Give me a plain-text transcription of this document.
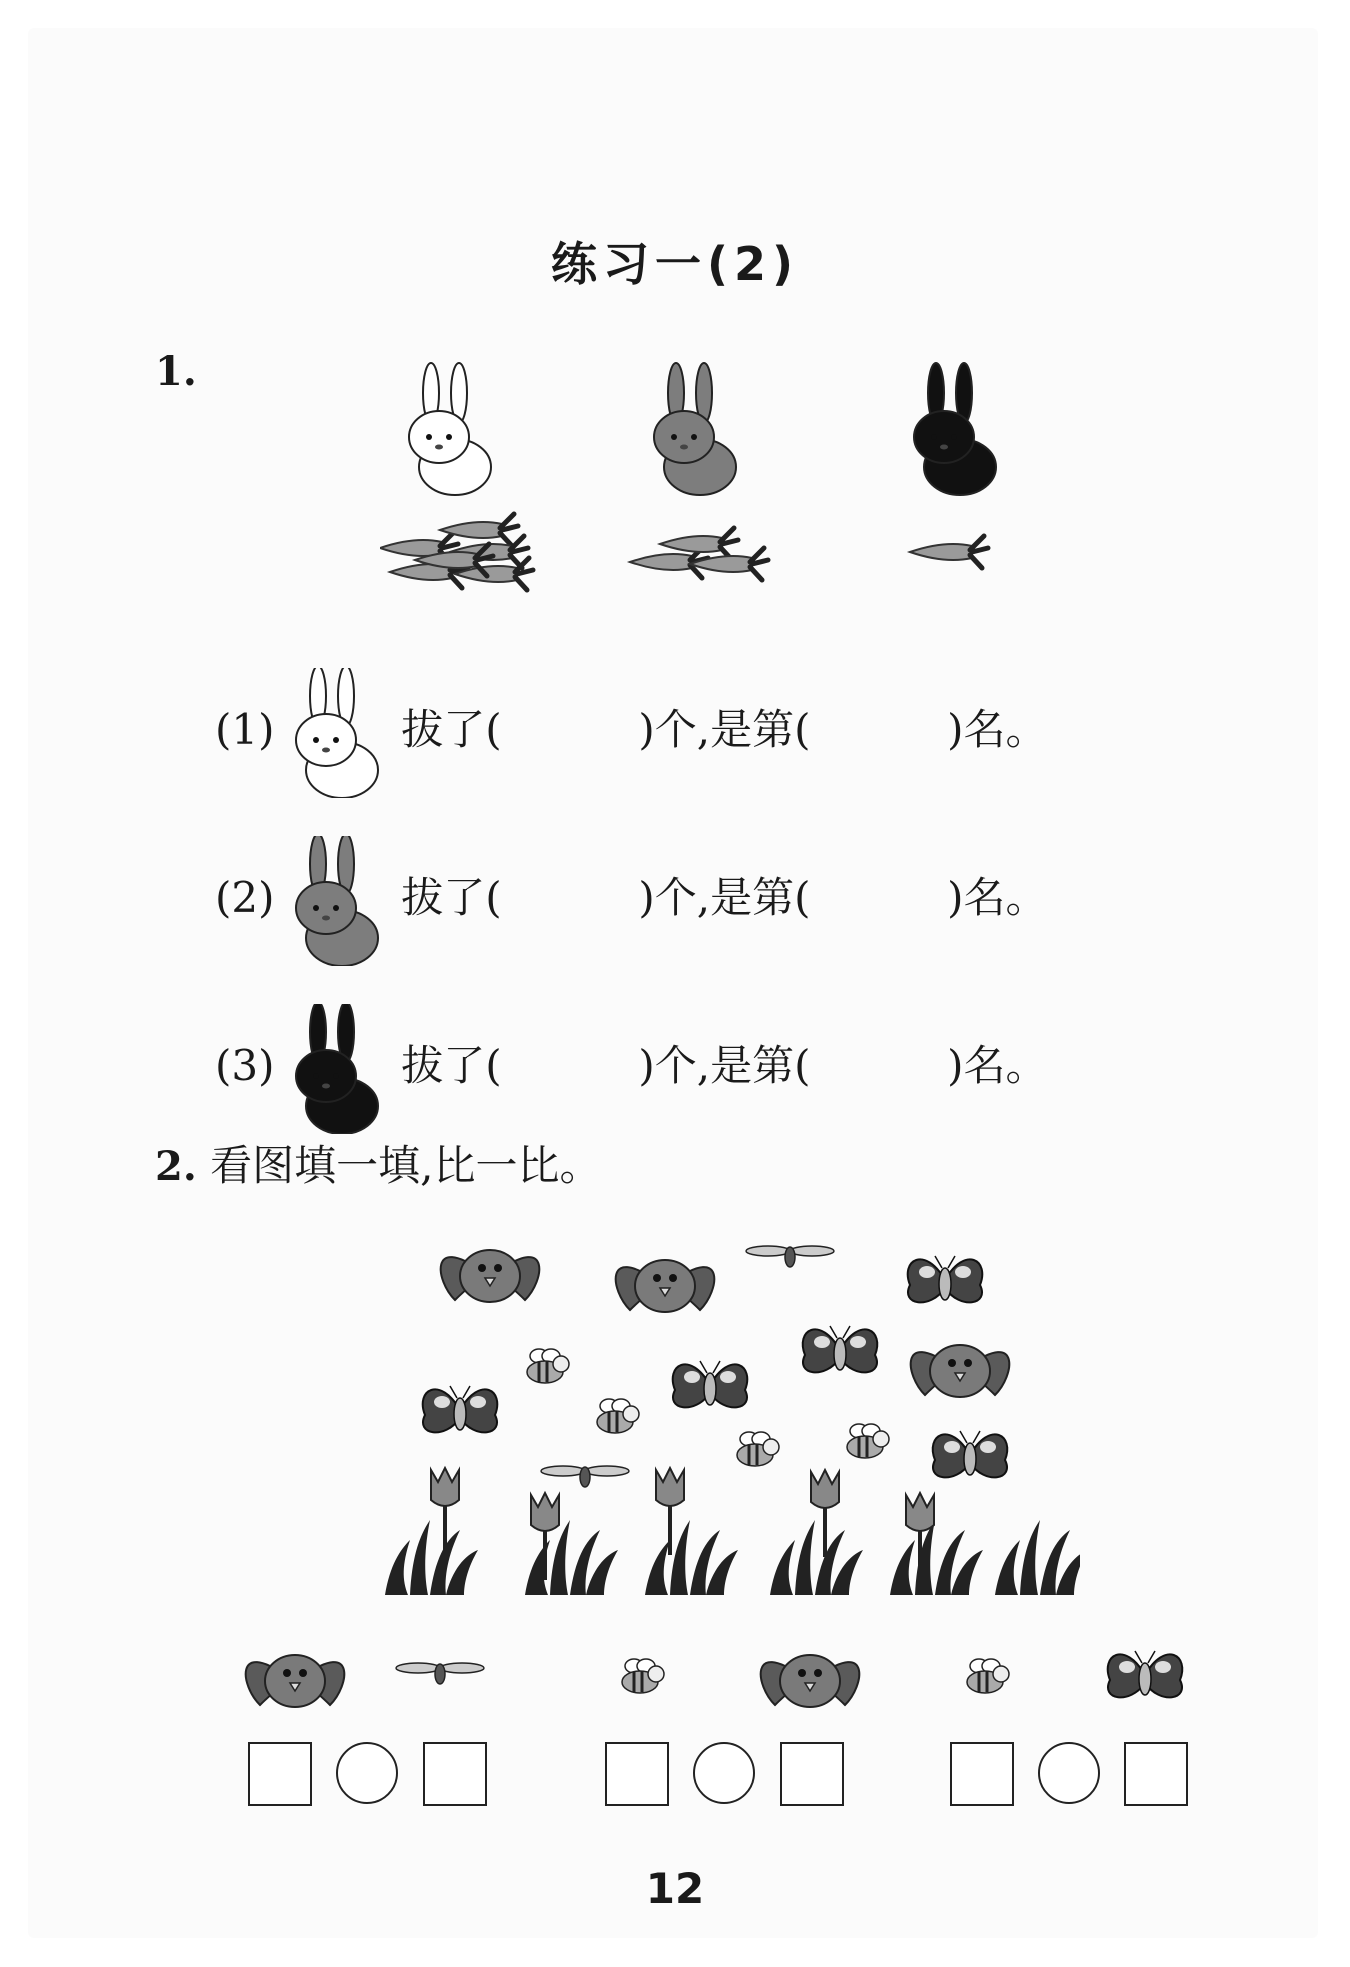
练习一(2)
1.
(1)	拔了(	)个,是第(	)名。
(2)	拔了(	)个,是第(	)名。
(3)	拔了(	)个,是第(	)名。
2. 看图填一填,比一比。
12
